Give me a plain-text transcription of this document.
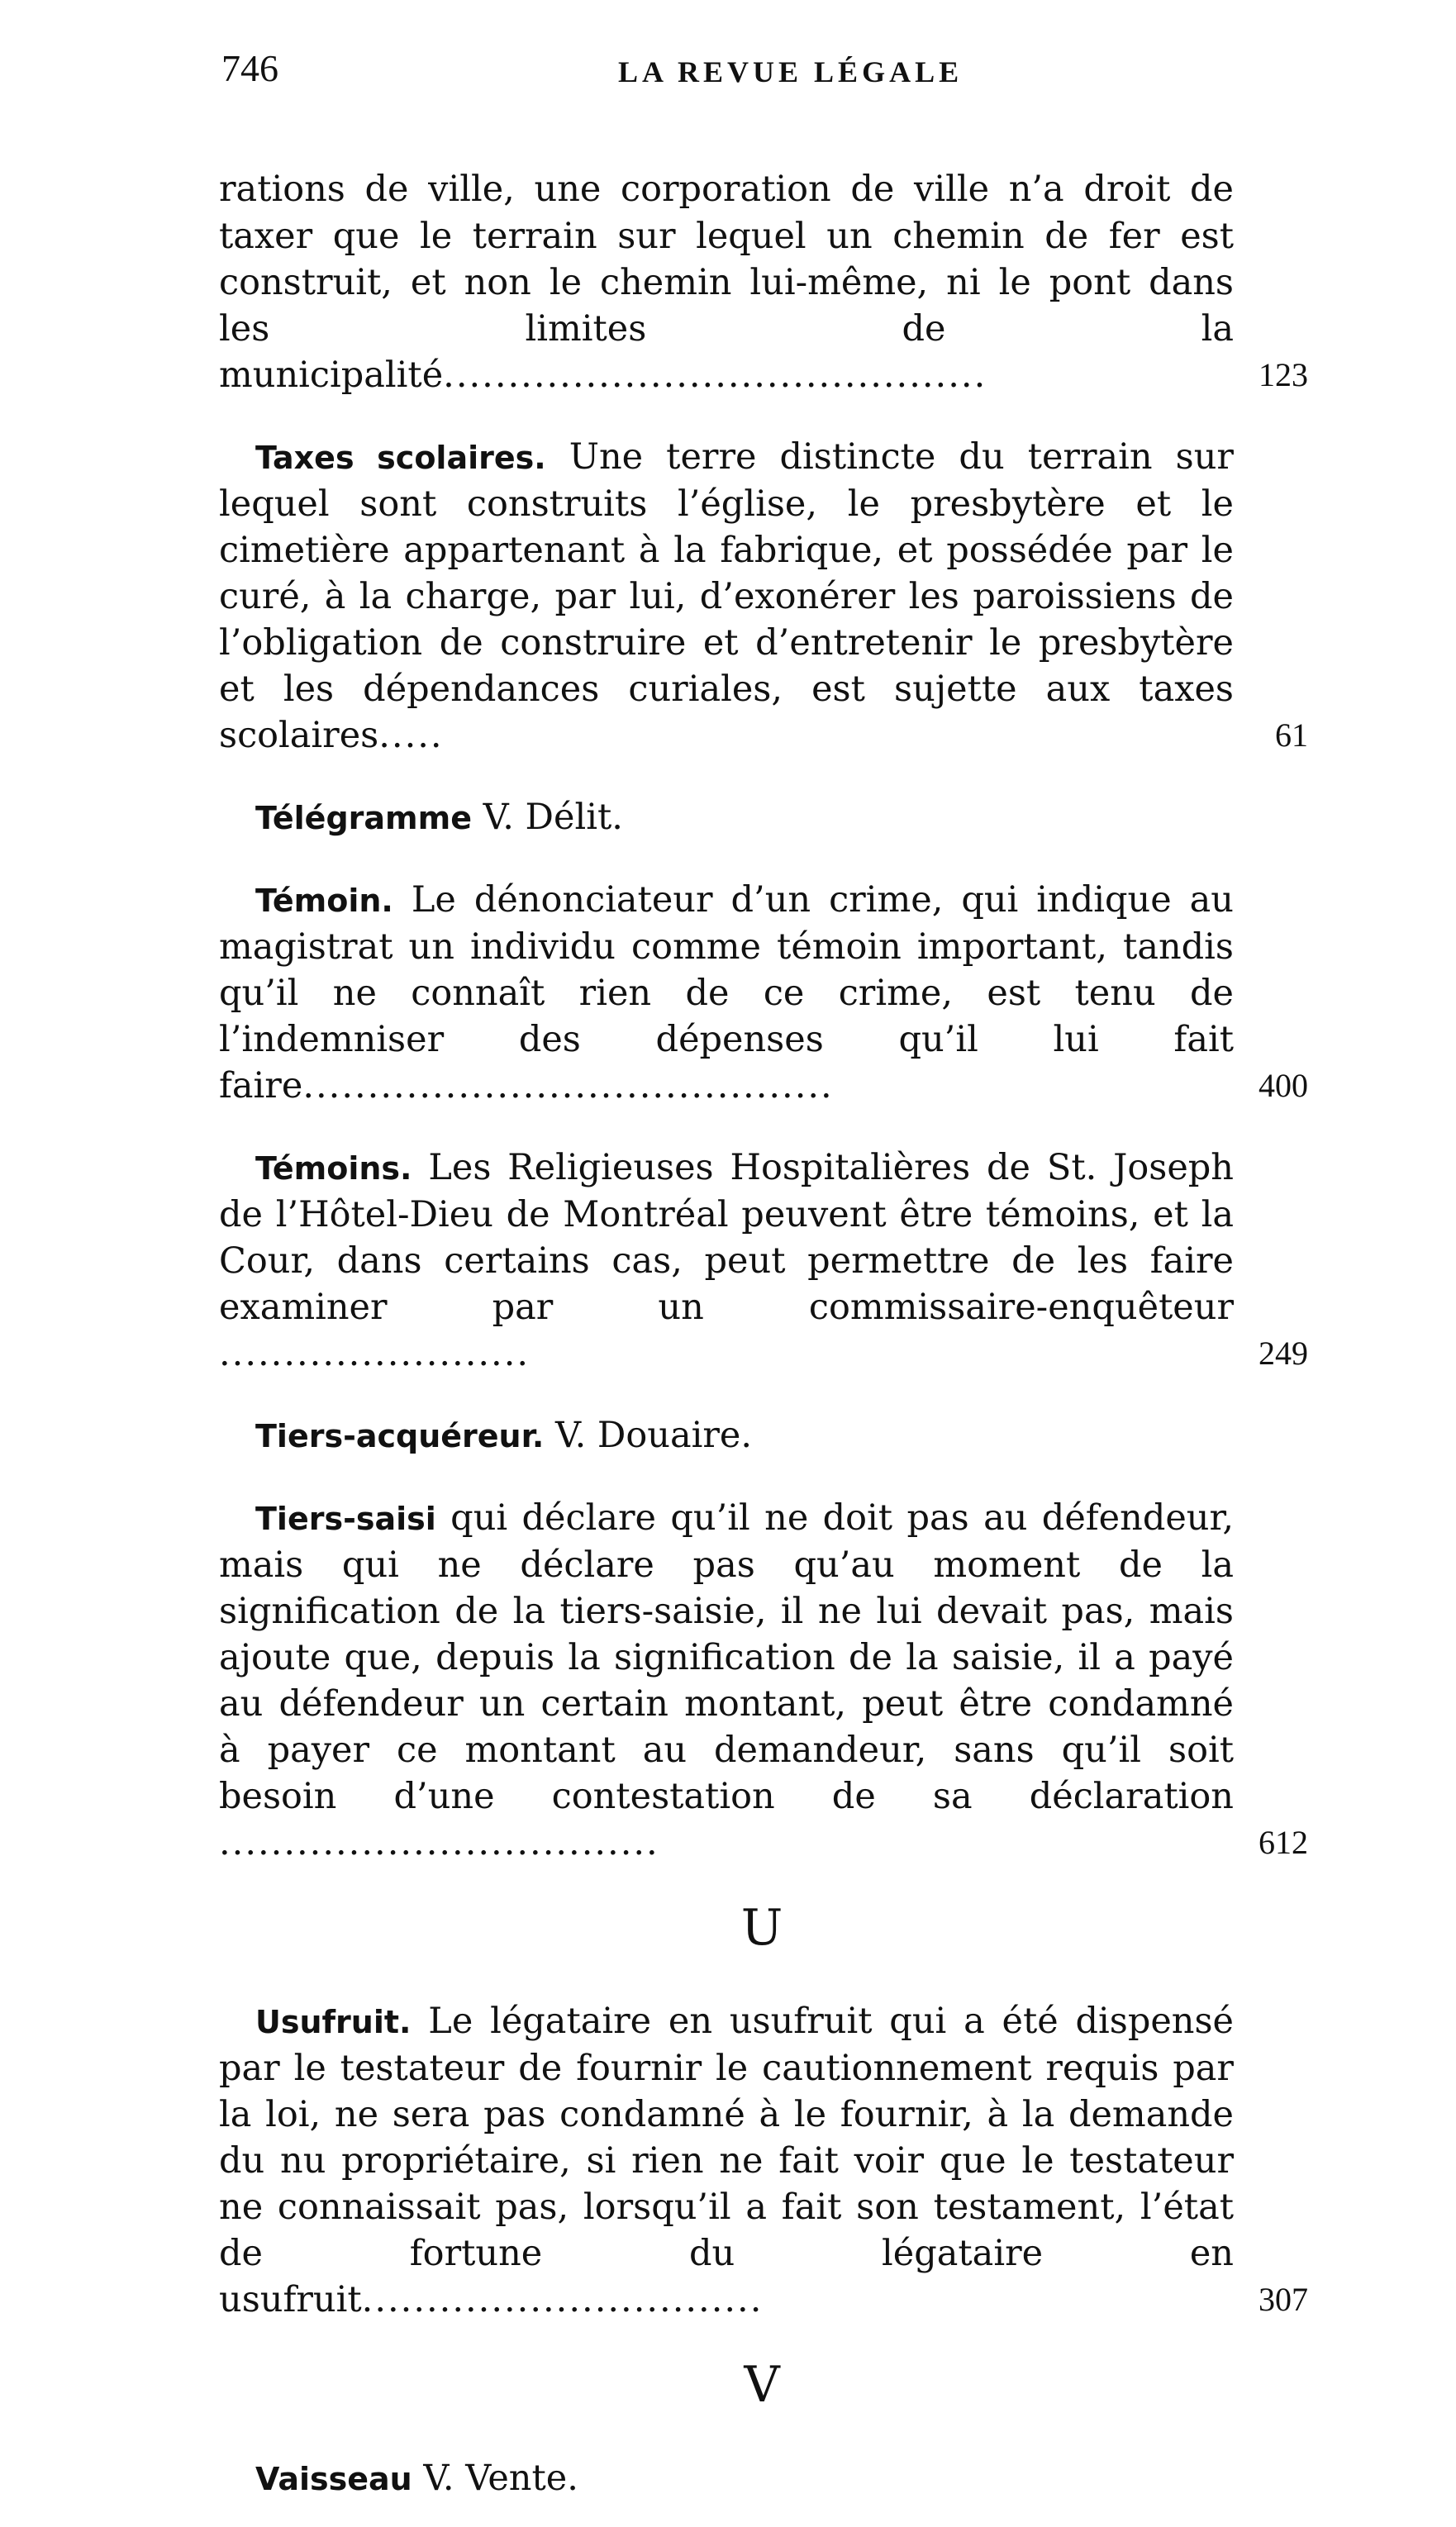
746	LA REVUE LÉGALE

rations de ville, une corporation de ville n’a droit de taxer que le terrain sur lequel un chemin de fer est construit, et non le chemin lui-même, ni le pont dans les limites de la municipalité..........................................	123

Taxes scolaires. Une terre distincte du terrain sur lequel sont construits l’église, le presbytère et le cimetière appartenant à la fabrique, et possédée par le curé, à la charge, par lui, d’exonérer les paroissiens de l’obligation de construire et d’entretenir le presbytère et les dépendances curiales, est sujette aux taxes scolaires.....	61

Télégramme V. Délit.

Témoin. Le dénonciateur d’un crime, qui indique au magistrat un individu comme témoin important, tandis qu’il ne connaît rien de ce crime, est tenu de l’indemniser des dépenses qu’il lui fait faire.........................................	400

Témoins. Les Religieuses Hospitalières de St. Joseph de l’Hôtel-Dieu de Montréal peuvent être témoins, et la Cour, dans certains cas, peut permettre de les faire examiner par un commissaire-enquêteur ........................	249

Tiers-acquéreur. V. Douaire.

Tiers-saisi qui déclare qu’il ne doit pas au défendeur, mais qui ne déclare pas qu’au moment de la signification de la tiers-saisie, il ne lui devait pas, mais ajoute que, depuis la signification de la saisie, il a payé au défendeur un certain montant, peut être condamné à payer ce montant au demandeur, sans qu’il soit besoin d’une contestation de sa déclaration ..................................	612

U

Usufruit. Le légataire en usufruit qui a été dispensé par le testateur de fournir le cautionnement requis par la loi, ne sera pas condamné à le fournir, à la demande du nu propriétaire, si rien ne fait voir que le testateur ne connaissait pas, lorsqu’il a fait son testament, l’état de fortune du légataire en usufruit...............................	307

V

Vaisseau V. Vente.
